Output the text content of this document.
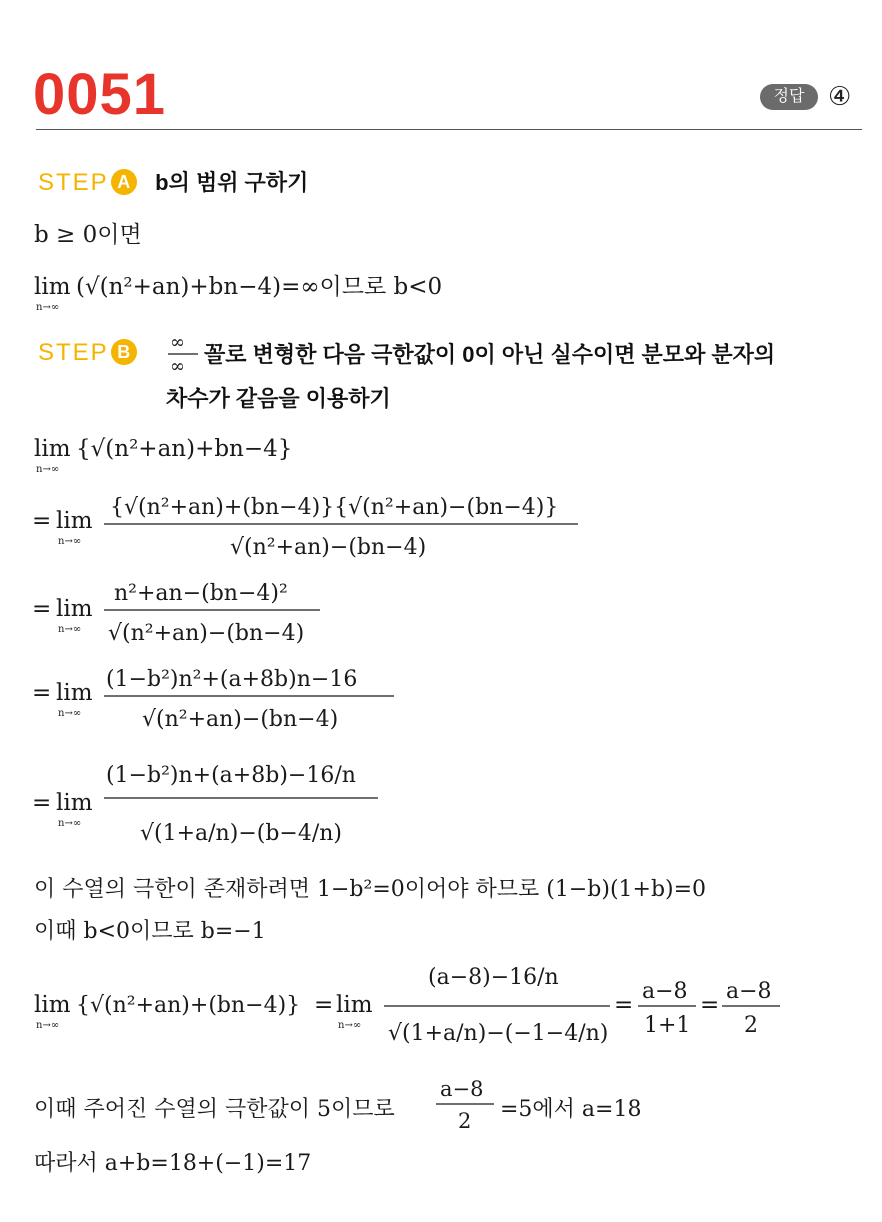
0051	정답 ④
STEP A b의 범위 구하기
b ≥ 0이면
lim
n→∞
(√(n²+an)+bn−4)=∞이므로 b<0
STEP B	∞
∞ 꼴로 변형한 다음 극한값이 0이 아닌 실수이면 분모와 분자의
차수가 같음을 이용하기
lim
n→∞
{√(n²+an)+bn−4}
= lim
n→∞
{√(n²+an)+(bn−4)}{√(n²+an)−(bn−4)}
√(n²+an)−(bn−4)
= lim
n→∞
n²+an−(bn−4)²
√(n²+an)−(bn−4)
= lim
n→∞
(1−b²)n²+(a+8b)n−16
√(n²+an)−(bn−4)
= lim
n→∞
(1−b²)n+(a+8b)−16/n
√(1+a/n)−(b−4/n)
이 수열의 극한이 존재하려면 1−b²=0이어야 하므로 (1−b)(1+b)=0
이때 b<0이므로 b=−1
lim
n→∞
{√(n²+an)+(bn−4)} = lim
n→∞
(a−8)−16/n
√(1+a/n)−(−1−4/n)
=
a−8
1+1
=
a−8
2
이때 주어진 수열의 극한값이 5이므로
a−8
2 =5에서 a=18
따라서 a+b=18+(−1)=17
